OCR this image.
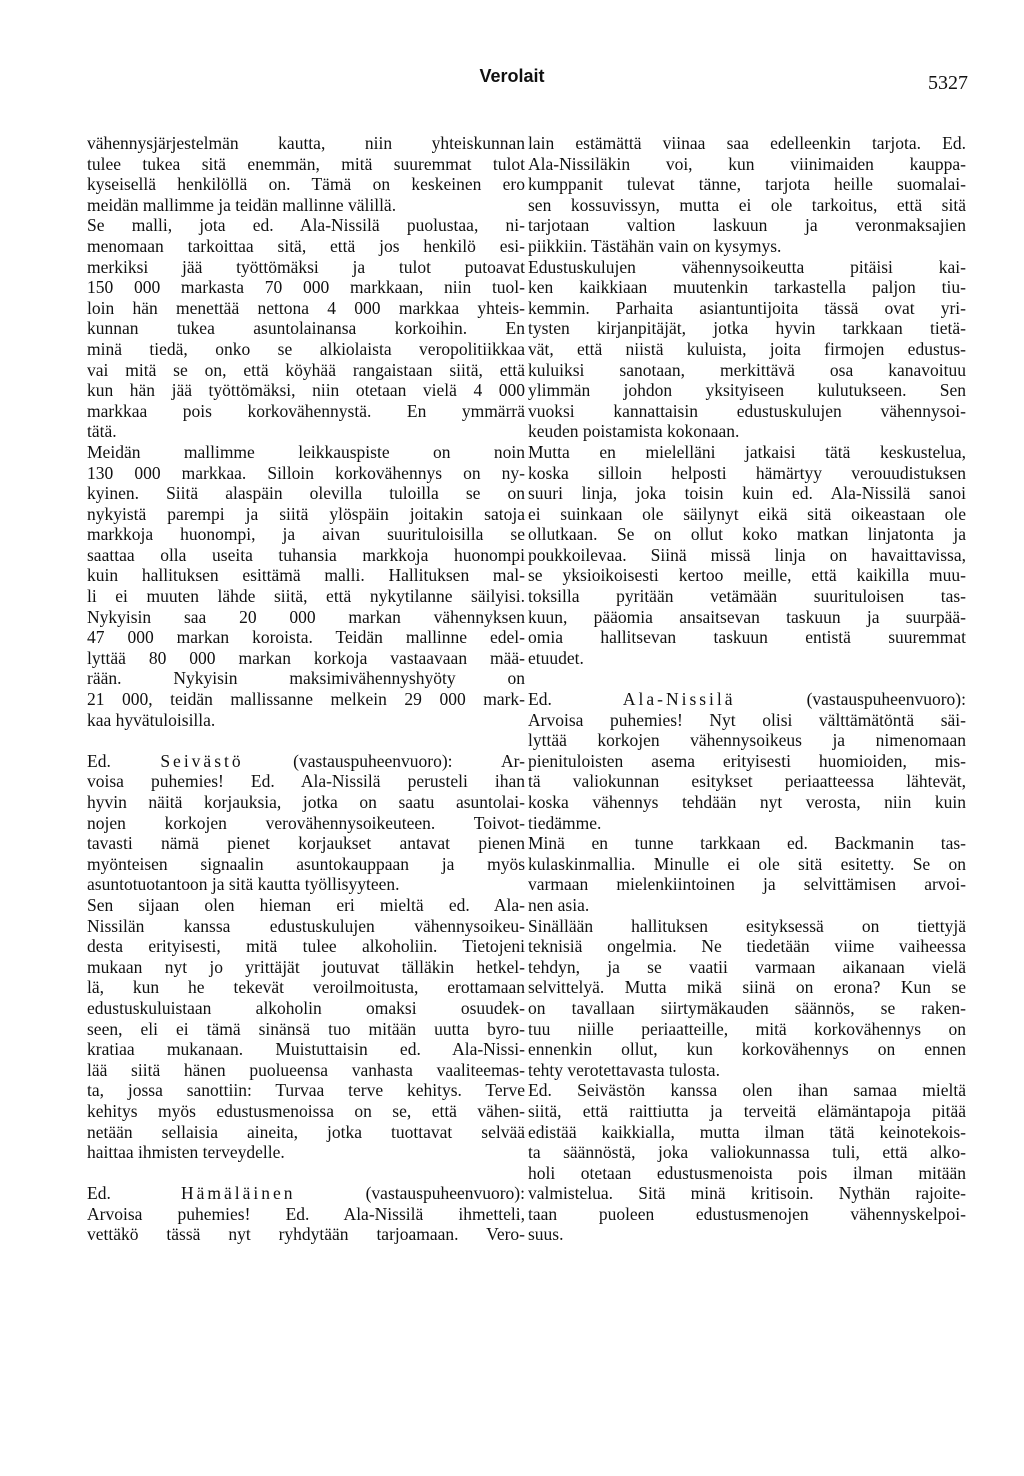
Verolait	5327
vähennysjärjestelmän kautta, niin yhteiskunnan
tulee tukea sitä enemmän, mitä suuremmat tulot
kyseisellä henkilöllä on. Tämä on keskeinen ero
meidän mallimme ja teidän mallinne välillä.
Se malli, jota ed. Ala-Nissilä puolustaa, ni-
menomaan tarkoittaa sitä, että jos henkilö esi-
merkiksi jää työttömäksi ja tulot putoavat
150 000 markasta 70 000 markkaan, niin tuol-
loin hän menettää nettona 4 000 markkaa yhteis-
kunnan tukea asuntolainansa korkoihin. En
minä tiedä, onko se alkiolaista veropolitiikkaa
vai mitä se on, että köyhää rangaistaan siitä, että
kun hän jää työttömäksi, niin otetaan vielä 4 000
markkaa pois korkovähennystä. En ymmärrä
tätä.
Meidän mallimme leikkauspiste on noin
130 000 markkaa. Silloin korkovähennys on ny-
kyinen. Siitä alaspäin olevilla tuloilla se on
nykyistä parempi ja siitä ylöspäin joitakin satoja
markkoja huonompi, ja aivan suurituloisilla se
saattaa olla useita tuhansia markkoja huonompi
kuin hallituksen esittämä malli. Hallituksen mal-
li ei muuten lähde siitä, että nykytilanne säilyisi.
Nykyisin saa 20 000 markan vähennyksen
47 000 markan koroista. Teidän mallinne edel-
lyttää 80 000 markan korkoja vastaavaan mää-
rään. Nykyisin maksimivähennyshyöty on
21 000, teidän mallissanne melkein 29 000 mark-
kaa hyvätuloisilla.
Ed. Seivästö (vastauspuheenvuoro): Ar-
voisa puhemies! Ed. Ala-Nissilä perusteli ihan
hyvin näitä korjauksia, jotka on saatu asuntolai-
nojen korkojen verovähennysoikeuteen. Toivot-
tavasti nämä pienet korjaukset antavat pienen
myönteisen signaalin asuntokauppaan ja myös
asuntotuotantoon ja sitä kautta työllisyyteen.
Sen sijaan olen hieman eri mieltä ed. Ala-
Nissilän kanssa edustuskulujen vähennysoikeu-
desta erityisesti, mitä tulee alkoholiin. Tietojeni
mukaan nyt jo yrittäjät joutuvat tälläkin hetkel-
lä, kun he tekevät veroilmoitusta, erottamaan
edustuskuluistaan alkoholin omaksi osuudek-
seen, eli ei tämä sinänsä tuo mitään uutta byro-
kratiaa mukanaan. Muistuttaisin ed. Ala-Nissi-
lää siitä hänen puolueensa vanhasta vaaliteemas-
ta, jossa sanottiin: Turvaa terve kehitys. Terve
kehitys myös edustusmenoissa on se, että vähen-
netään sellaisia aineita, jotka tuottavat selvää
haittaa ihmisten terveydelle.
Ed. Hämäläinen (vastauspuheenvuoro):
Arvoisa puhemies! Ed. Ala-Nissilä ihmetteli,
vettäkö tässä nyt ryhdytään tarjoamaan. Vero-
lain estämättä viinaa saa edelleenkin tarjota. Ed.
Ala-Nissiläkin voi, kun viinimaiden kauppa-
kumppanit tulevat tänne, tarjota heille suomalai-
sen kossuvissyn, mutta ei ole tarkoitus, että sitä
tarjotaan valtion laskuun ja veronmaksajien
piikkiin. Tästähän vain on kysymys.
Edustuskulujen vähennysoikeutta pitäisi kai-
ken kaikkiaan muutenkin tarkastella paljon tiu-
kemmin. Parhaita asiantuntijoita tässä ovat yri-
tysten kirjanpitäjät, jotka hyvin tarkkaan tietä-
vät, että niistä kuluista, joita firmojen edustus-
kuluiksi sanotaan, merkittävä osa kanavoituu
ylimmän johdon yksityiseen kulutukseen. Sen
vuoksi kannattaisin edustuskulujen vähennysoi-
keuden poistamista kokonaan.
Mutta en mielelläni jatkaisi tätä keskustelua,
koska silloin helposti hämärtyy verouudistuksen
suuri linja, joka toisin kuin ed. Ala-Nissilä sanoi
ei suinkaan ole säilynyt eikä sitä oikeastaan ole
ollutkaan. Se on ollut koko matkan linjatonta ja
poukkoilevaa. Siinä missä linja on havaittavissa,
se yksioikoisesti kertoo meille, että kaikilla muu-
toksilla pyritään vetämään suurituloisen tas-
kuun, pääomia ansaitsevan taskuun ja suurpää-
omia hallitsevan taskuun entistä suuremmat
etuudet.
Ed. Ala-Nissilä (vastauspuheenvuoro):
Arvoisa puhemies! Nyt olisi välttämätöntä säi-
lyttää korkojen vähennysoikeus ja nimenomaan
pienituloisten asema erityisesti huomioiden, mis-
tä valiokunnan esitykset periaatteessa lähtevät,
koska vähennys tehdään nyt verosta, niin kuin
tiedämme.
Minä en tunne tarkkaan ed. Backmanin tas-
kulaskinmallia. Minulle ei ole sitä esitetty. Se on
varmaan mielenkiintoinen ja selvittämisen arvoi-
nen asia.
Sinällään hallituksen esityksessä on tiettyjä
teknisiä ongelmia. Ne tiedetään viime vaiheessa
tehdyn, ja se vaatii varmaan aikanaan vielä
selvittelyä. Mutta mikä siinä on erona? Kun se
on tavallaan siirtymäkauden säännös, se raken-
tuu niille periaatteille, mitä korkovähennys on
ennenkin ollut, kun korkovähennys on ennen
tehty verotettavasta tulosta.
Ed. Seivästön kanssa olen ihan samaa mieltä
siitä, että raittiutta ja terveitä elämäntapoja pitää
edistää kaikkialla, mutta ilman tätä keinotekois-
ta säännöstä, joka valiokunnassa tuli, että alko-
holi otetaan edustusmenoista pois ilman mitään
valmistelua. Sitä minä kritisoin. Nythän rajoite-
taan puoleen edustusmenojen vähennyskelpoi-
suus.
